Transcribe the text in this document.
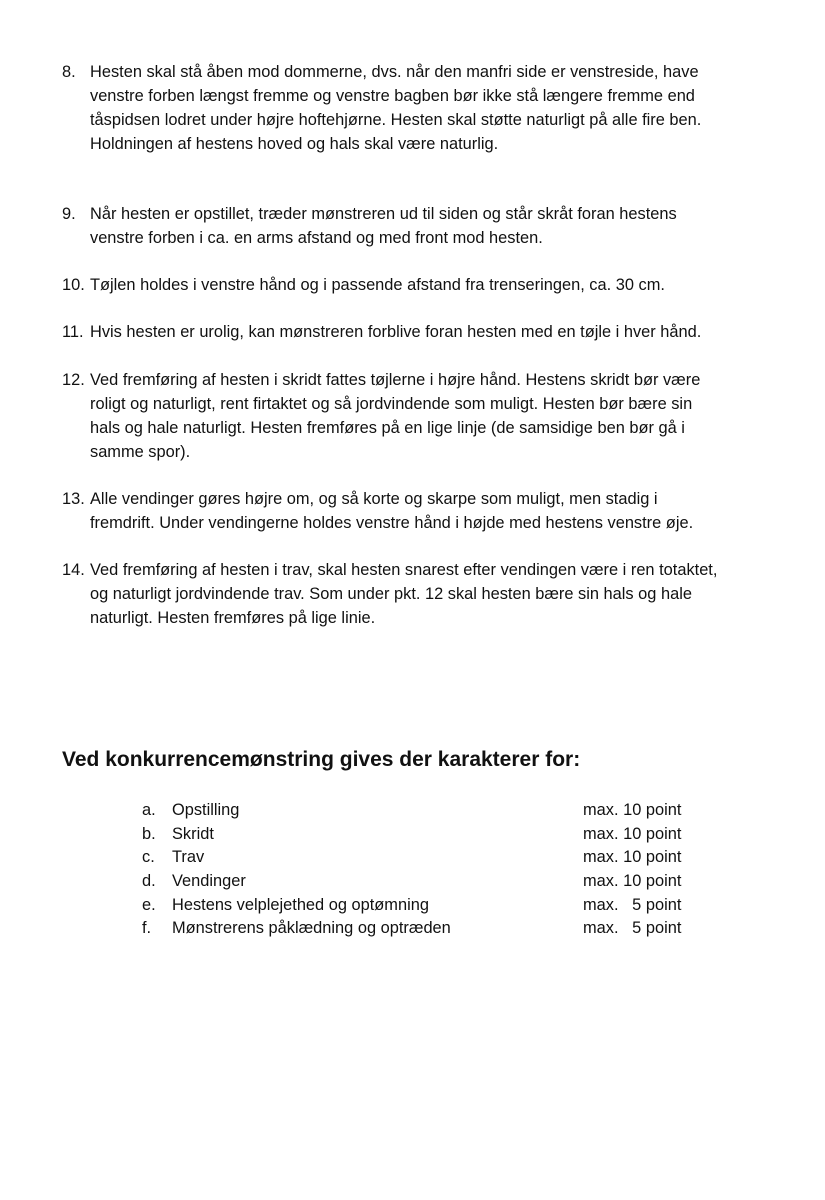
8. Hesten skal stå åben mod dommerne, dvs. når den manfri side er venstreside, have
venstre forben længst fremme og venstre bagben bør ikke stå længere fremme end
tåspidsen lodret under højre hoftehjørne. Hesten skal støtte naturligt på alle fire ben.
Holdningen af hestens hoved og hals skal være naturlig.
9. Når hesten er opstillet, træder mønstreren ud til siden og står skråt foran hestens
venstre forben i ca. en arms afstand og med front mod hesten.
10. Tøjlen holdes i venstre hånd og i passende afstand fra trenseringen, ca. 30 cm.
11. Hvis hesten er urolig, kan mønstreren forblive foran hesten med en tøjle i hver hånd.
12. Ved fremføring af hesten i skridt fattes tøjlerne i højre hånd. Hestens skridt bør være
roligt og naturligt, rent firtaktet og så jordvindende som muligt. Hesten bør bære sin
hals og hale naturligt. Hesten fremføres på en lige linje (de samsidige ben bør gå i
samme spor).
13. Alle vendinger gøres højre om, og så korte og skarpe som muligt, men stadig i
fremdrift. Under vendingerne holdes venstre hånd i højde med hestens venstre øje.
14. Ved fremføring af hesten i trav, skal hesten snarest efter vendingen være i ren totaktet,
og naturligt jordvindende trav. Som under pkt. 12 skal hesten bære sin hals og hale
naturligt. Hesten fremføres på lige linie.
Ved konkurrencemønstring gives der karakterer for:
a. Opstilling	max. 10 point
b. Skridt	max. 10 point
c. Trav	max. 10 point
d. Vendinger	max. 10 point
e. Hestens velplejethed og optømning	max.   5 point
f. Mønstrerens påklædning og optræden	max.   5 point
